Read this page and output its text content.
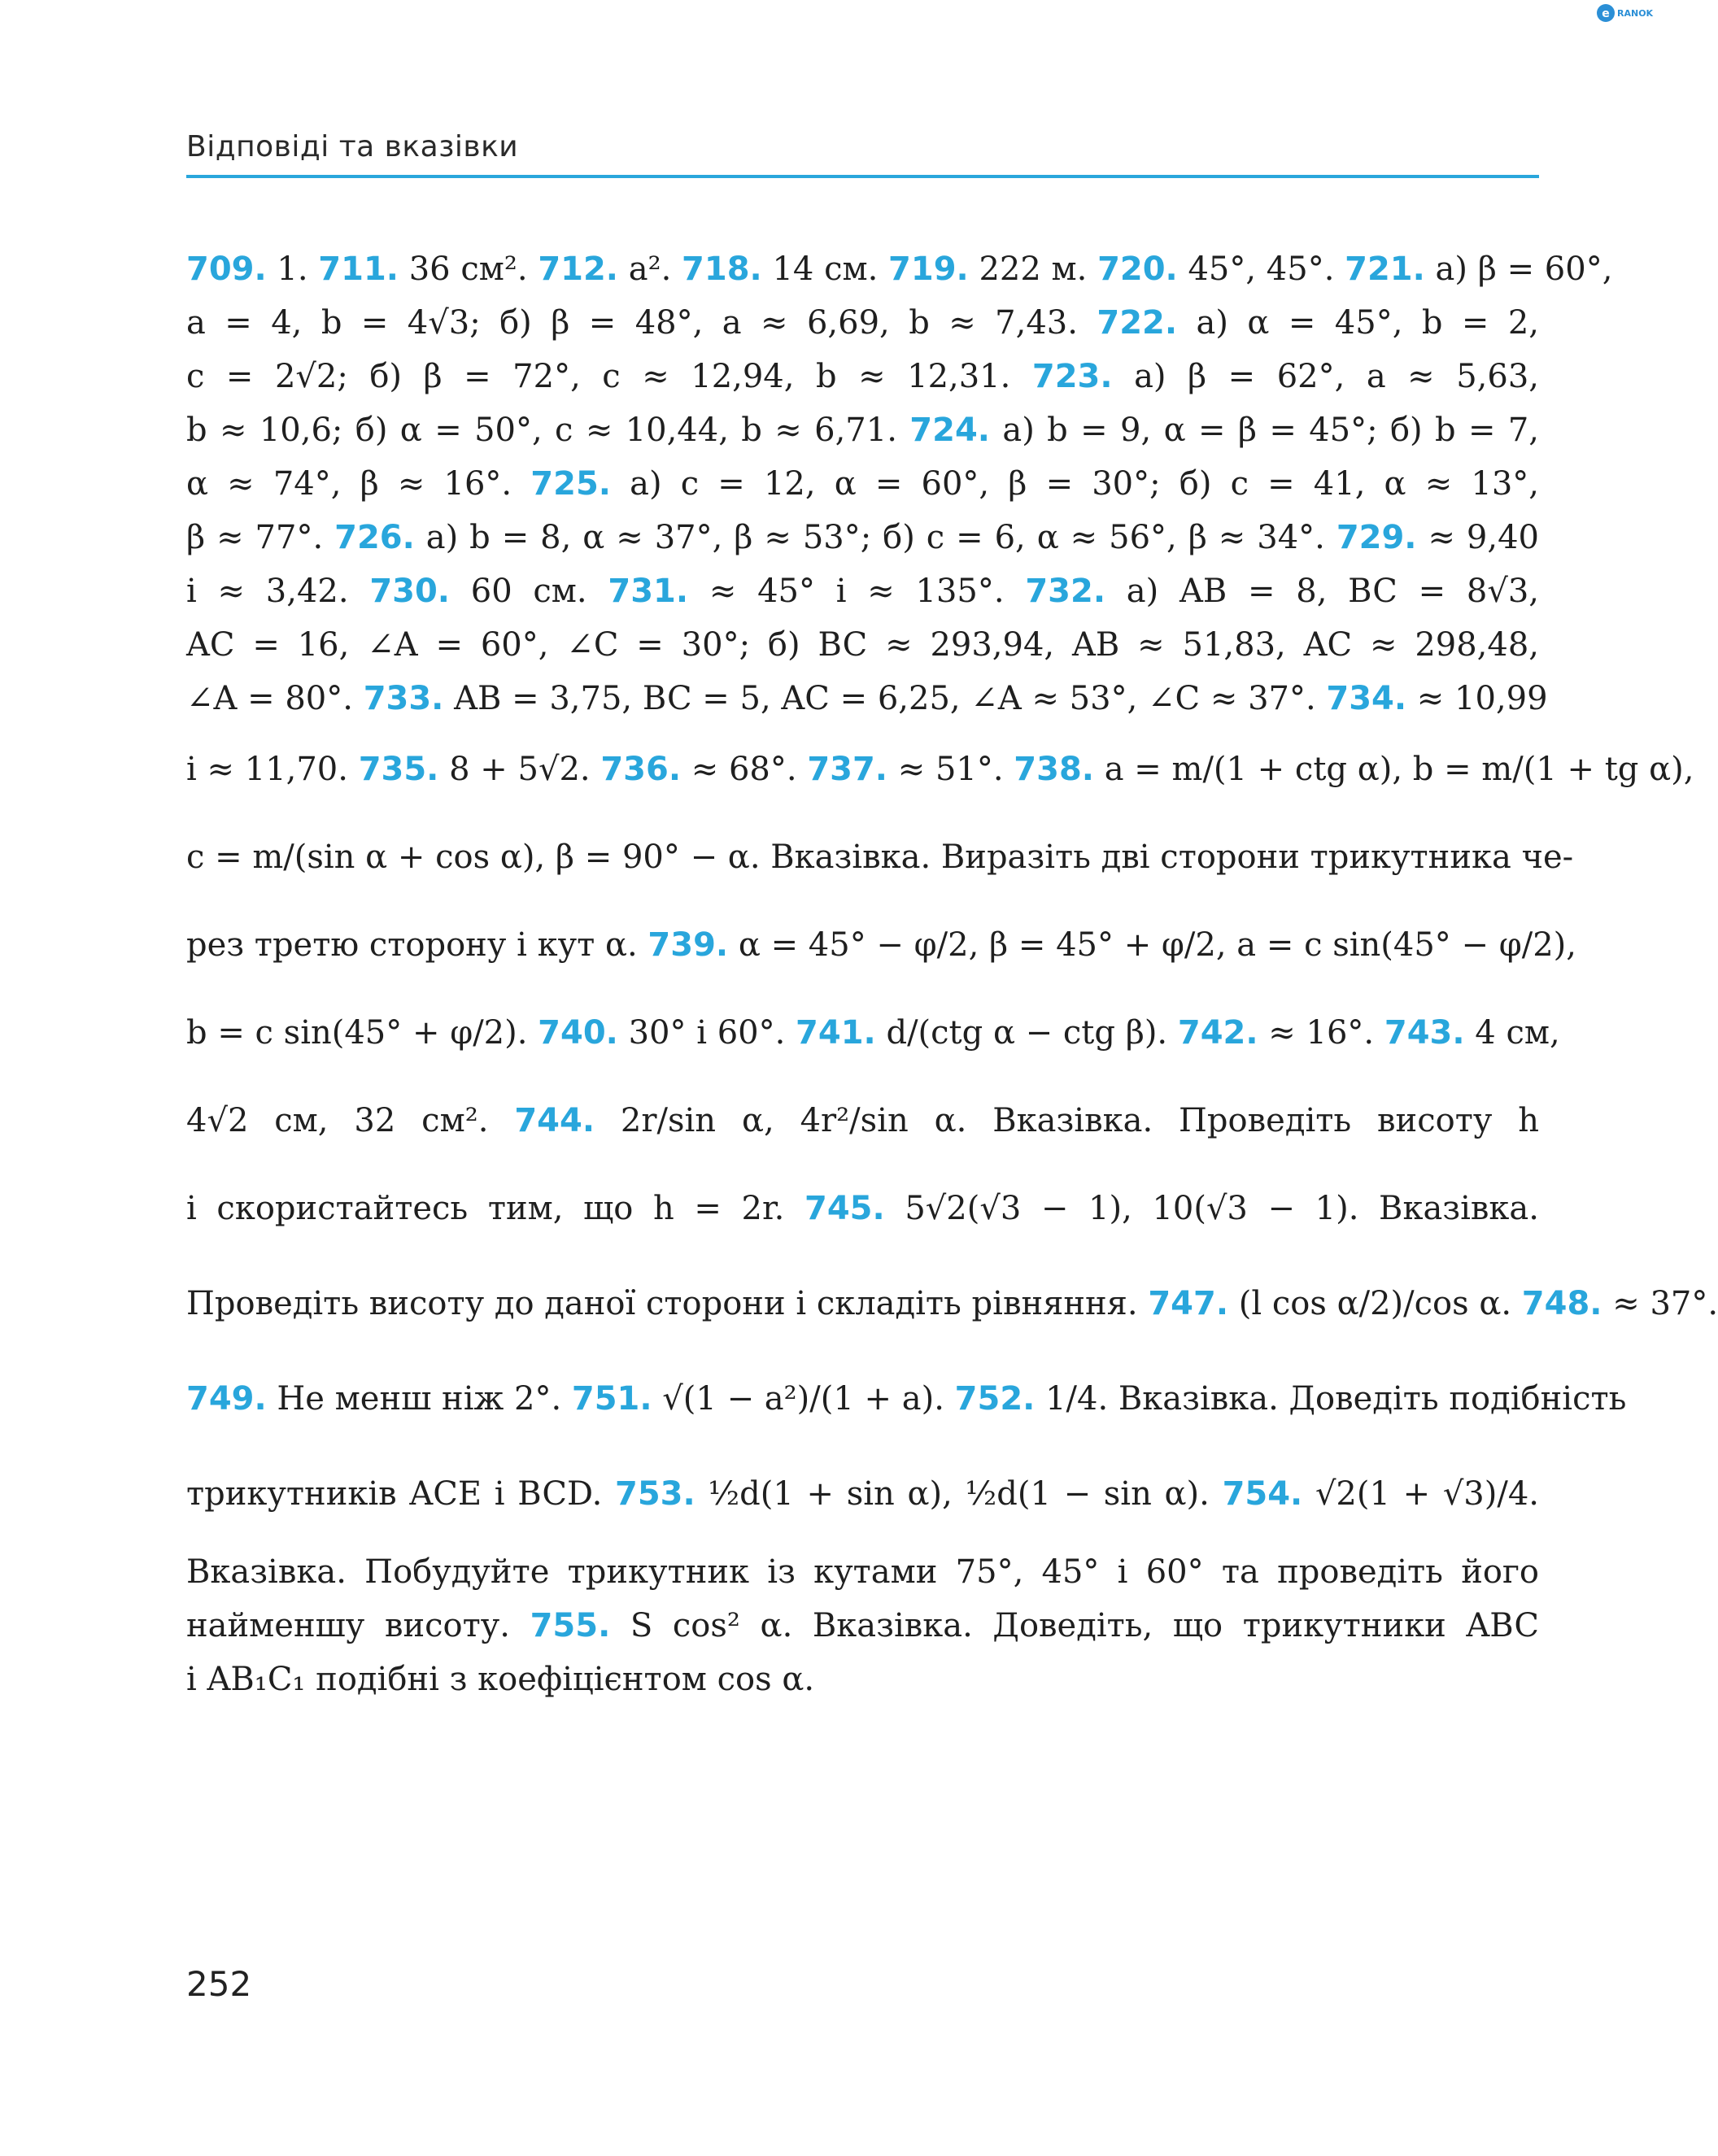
e RANOK
Відповіді та вказівки
709. 1. 711. 36 см². 712. a². 718. 14 см. 719. 222 м. 720. 45°, 45°. 721. а) β = 60°,
a = 4, b = 4√3; б) β = 48°, a ≈ 6,69, b ≈ 7,43. 722. а) α = 45°, b = 2,
c = 2√2; б) β = 72°, c ≈ 12,94, b ≈ 12,31. 723. а) β = 62°, a ≈ 5,63,
b ≈ 10,6; б) α = 50°, c ≈ 10,44, b ≈ 6,71. 724. а) b = 9, α = β = 45°; б) b = 7,
α ≈ 74°, β ≈ 16°. 725. а) c = 12, α = 60°, β = 30°; б) c = 41, α ≈ 13°,
β ≈ 77°. 726. а) b = 8, α ≈ 37°, β ≈ 53°; б) c = 6, α ≈ 56°, β ≈ 34°. 729. ≈ 9,40
і ≈ 3,42. 730. 60 см. 731. ≈ 45° і ≈ 135°. 732. а) AB = 8, BC = 8√3,
AC = 16, ∠A = 60°, ∠C = 30°; б) BC ≈ 293,94, AB ≈ 51,83, AC ≈ 298,48,
∠A = 80°. 733. AB = 3,75, BC = 5, AC = 6,25, ∠A ≈ 53°, ∠C ≈ 37°. 734. ≈ 10,99
і ≈ 11,70. 735. 8 + 5√2. 736. ≈ 68°. 737. ≈ 51°. 738. a = m/(1 + ctg α), b = m/(1 + tg α),
c = m/(sin α + cos α), β = 90° − α. Вказівка. Виразіть дві сторони трикутника че-
рез третю сторону і кут α. 739. α = 45° − φ/2, β = 45° + φ/2, a = c sin(45° − φ/2),
b = c sin(45° + φ/2). 740. 30° і 60°. 741. d/(ctg α − ctg β). 742. ≈ 16°. 743. 4 см,
4√2 см, 32 см². 744. 2r/sin α, 4r²/sin α. Вказівка. Проведіть висоту h
і скористайтесь тим, що h = 2r. 745. 5√2(√3 − 1), 10(√3 − 1). Вказівка.
Проведіть висоту до даної сторони і складіть рівняння. 747. (l cos α/2)/cos α. 748. ≈ 37°.
749. Не менш ніж 2°. 751. √(1 − a²)/(1 + a). 752. 1/4. Вказівка. Доведіть подібність
трикутників ACE і BCD. 753. ½d(1 + sin α), ½d(1 − sin α). 754. √2(1 + √3)/4.
Вказівка. Побудуйте трикутник із кутами 75°, 45° і 60° та проведіть його
найменшу висоту. 755. S cos² α. Вказівка. Доведіть, що трикутники ABC
і AB₁C₁ подібні з коефіцієнтом cos α.
252
